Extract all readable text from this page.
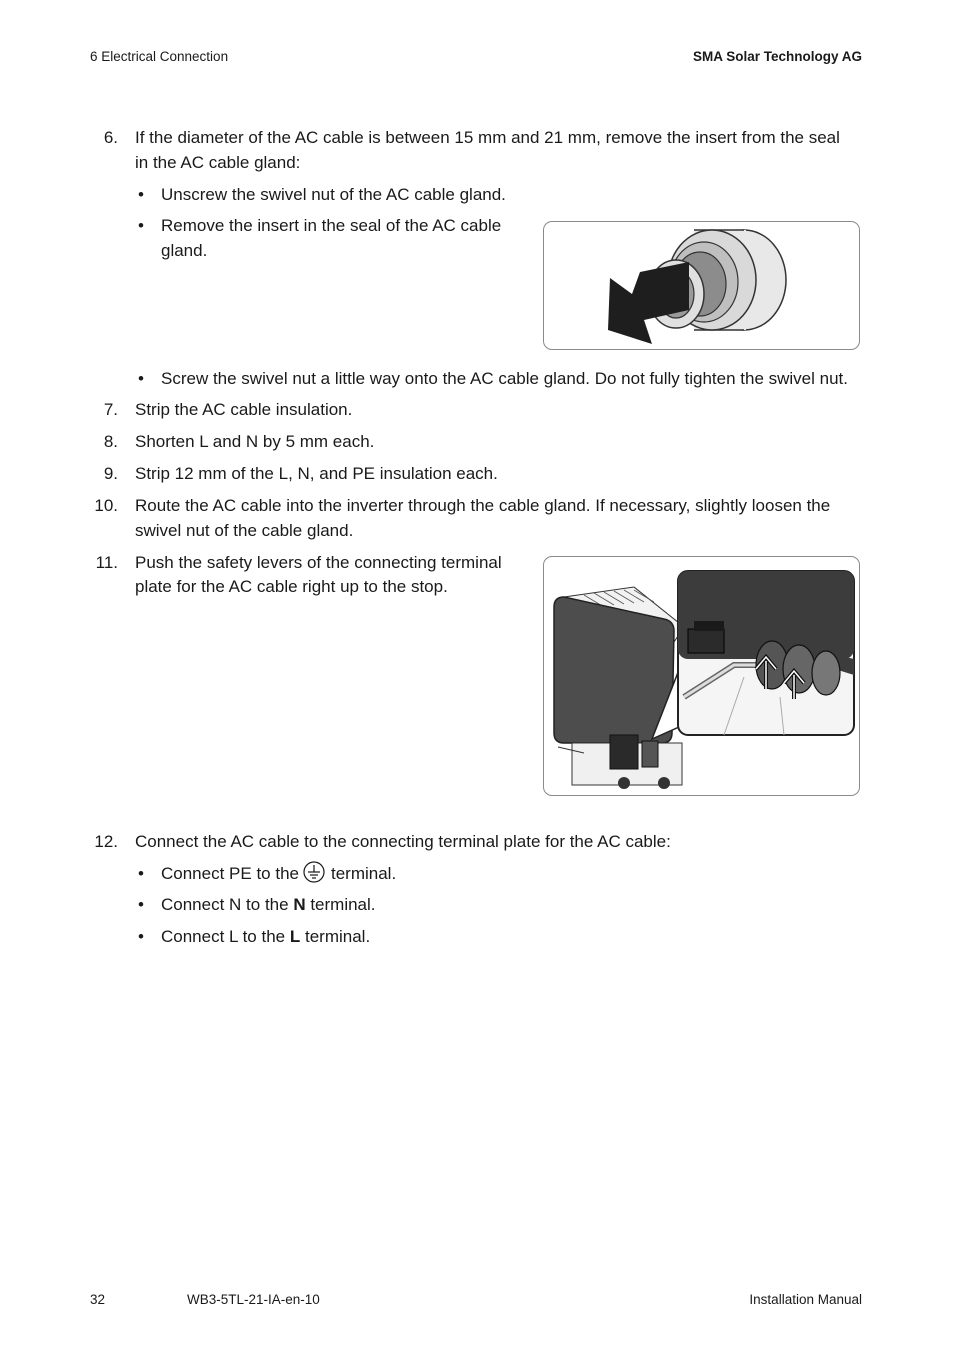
6 Electrical Connection	SMA Solar Technology AG
6. If the diameter of the AC cable is between 15 mm and 21 mm, remove the insert from the seal
in the AC cable gland:
• Unscrew the swivel nut of the AC cable gland.
• Remove the insert in the seal of the AC cable
gland.
• Screw the swivel nut a little way onto the AC cable gland. Do not fully tighten the swivel nut.
7. Strip the AC cable insulation.
8. Shorten L and N by 5 mm each.
9. Strip 12 mm of the L, N, and PE insulation each.
10. Route the AC cable into the inverter through the cable gland. If necessary, slightly loosen the
swivel nut of the cable gland.
11. Push the safety levers of the connecting terminal
plate for the AC cable right up to the stop.
12. Connect the AC cable to the connecting terminal plate for the AC cable:
• Connect PE to the terminal.
• Connect N to the N terminal.
• Connect L to the L terminal.
32	WB3-5TL-21-IA-en-10	Installation Manual
